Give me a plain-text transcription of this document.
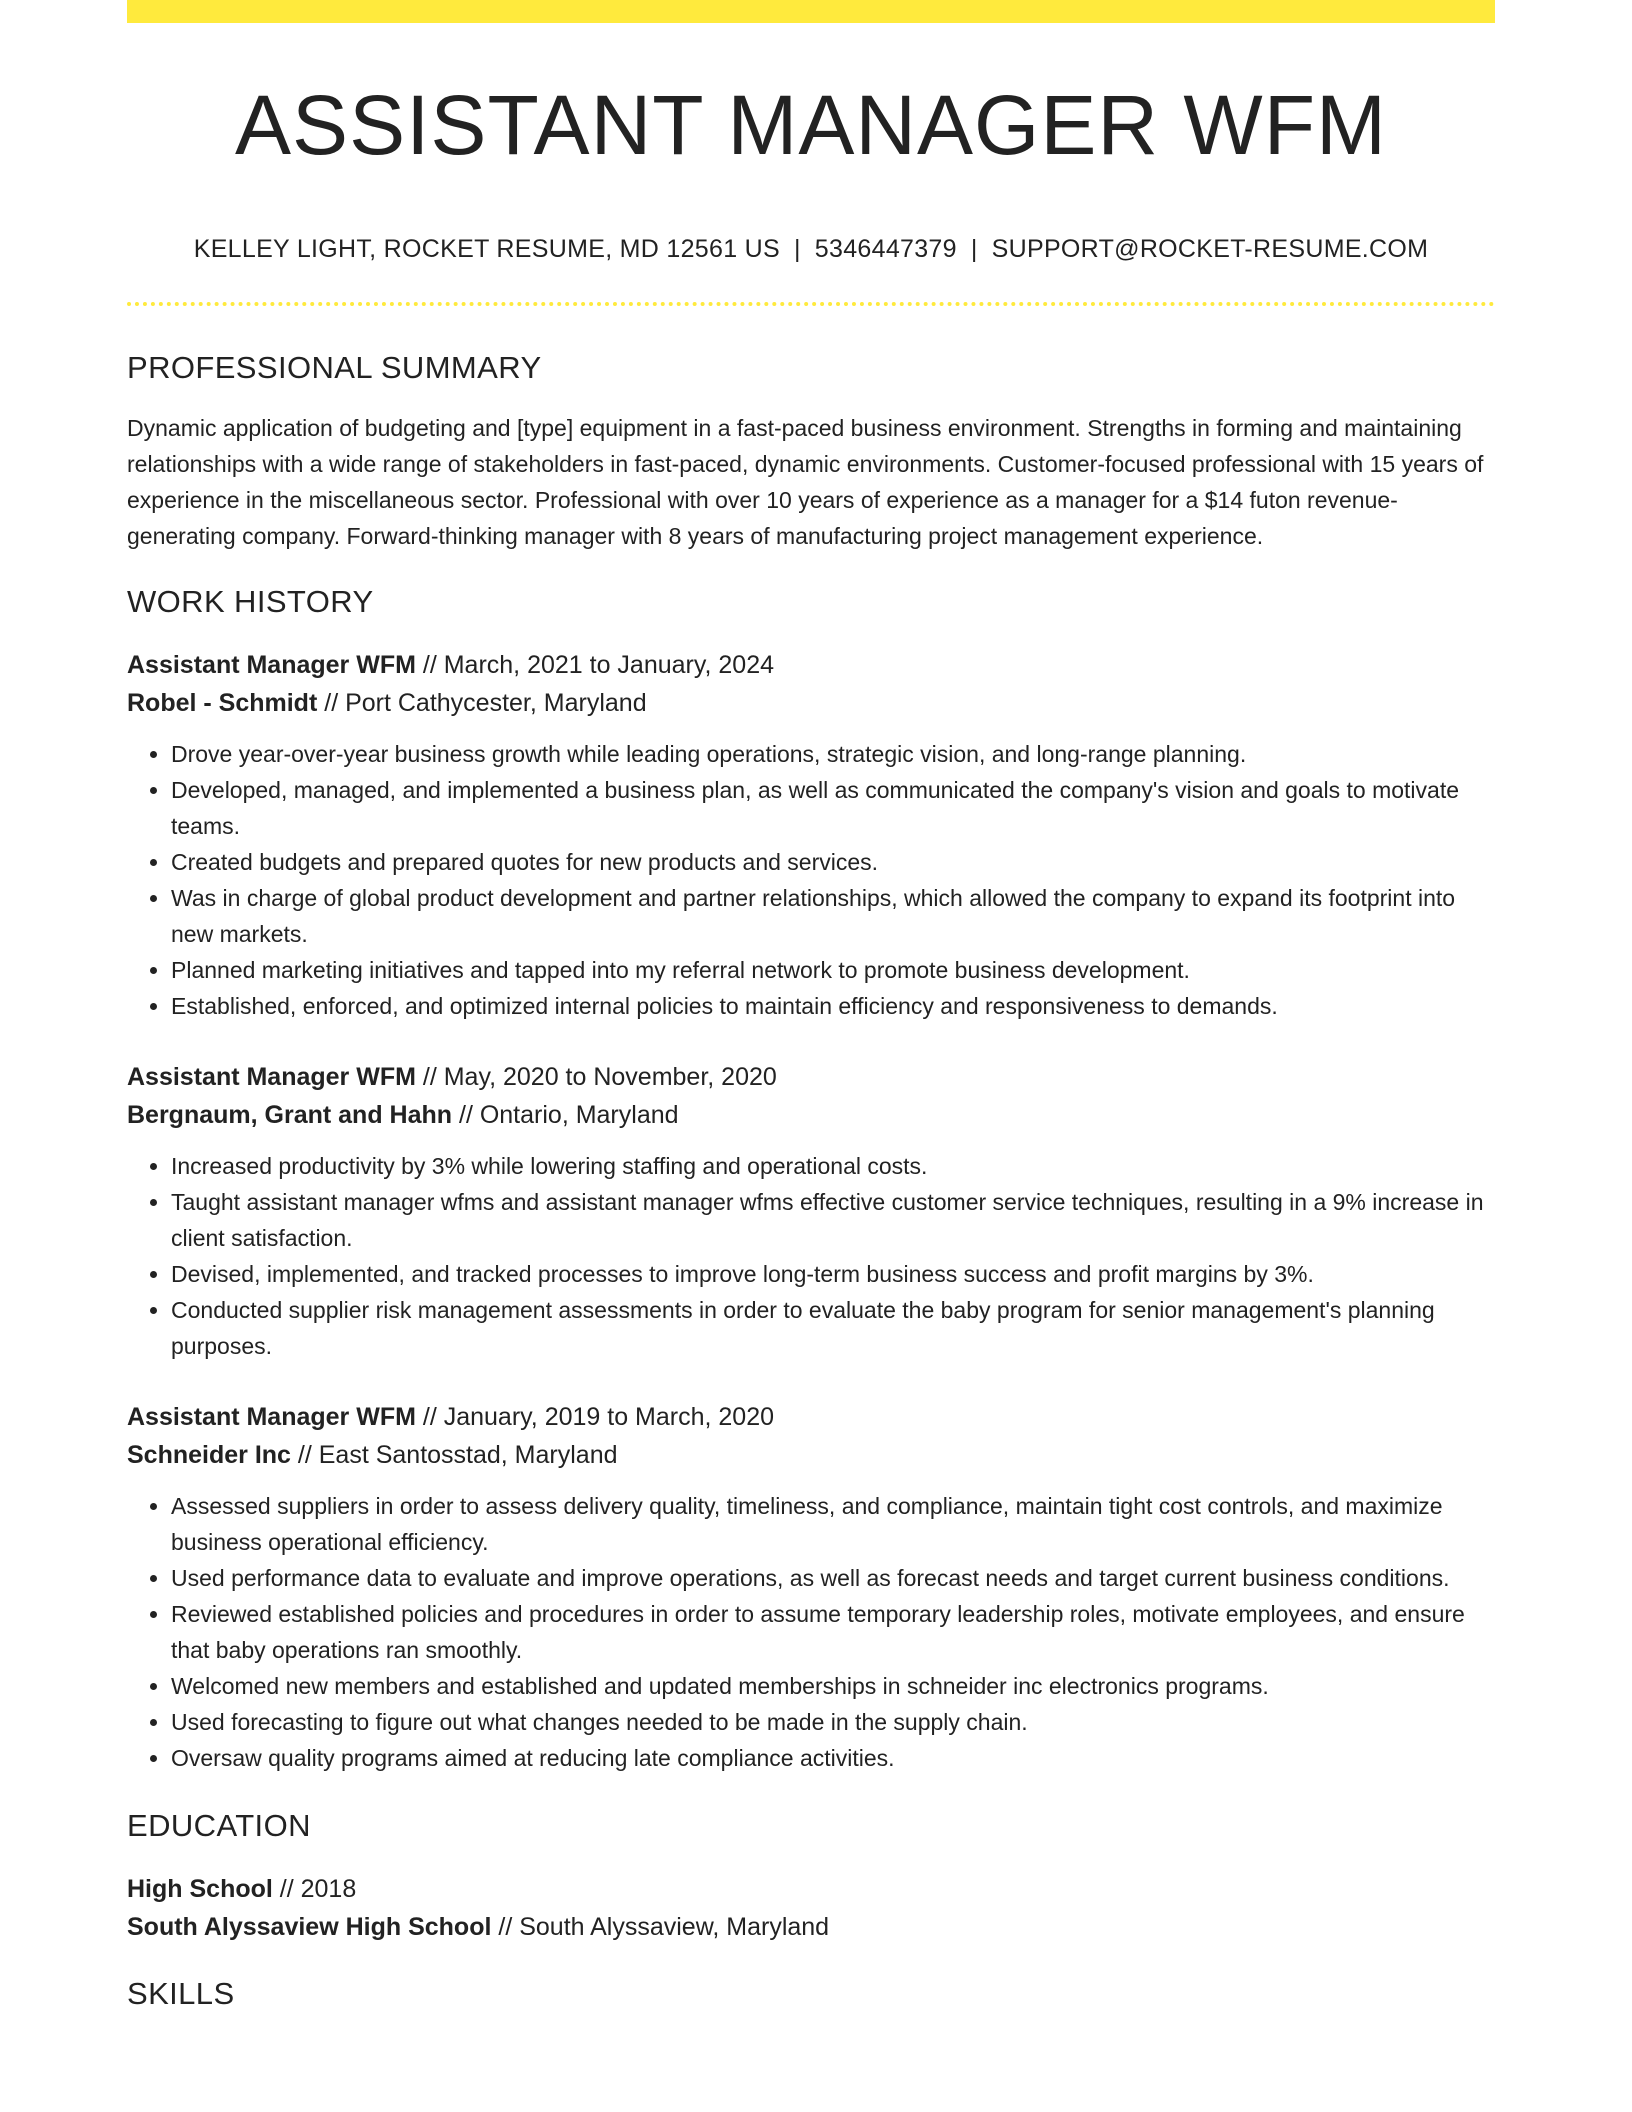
ASSISTANT MANAGER WFM
KELLEY LIGHT, ROCKET RESUME, MD 12561 US | 5346447379 | SUPPORT@ROCKET-RESUME.COM
PROFESSIONAL SUMMARY
Dynamic application of budgeting and [type] equipment in a fast-paced business environment. Strengths in forming and maintaining relationships with a wide range of stakeholders in fast-paced, dynamic environments. Customer-focused professional with 15 years of experience in the miscellaneous sector. Professional with over 10 years of experience as a manager for a $14 futon revenue-generating company. Forward-thinking manager with 8 years of manufacturing project management experience.
WORK HISTORY
Assistant Manager WFM // March, 2021 to January, 2024
Robel - Schmidt // Port Cathycester, Maryland
• Drove year-over-year business growth while leading operations, strategic vision, and long-range planning.
• Developed, managed, and implemented a business plan, as well as communicated the company's vision and goals to motivate teams.
• Created budgets and prepared quotes for new products and services.
• Was in charge of global product development and partner relationships, which allowed the company to expand its footprint into new markets.
• Planned marketing initiatives and tapped into my referral network to promote business development.
• Established, enforced, and optimized internal policies to maintain efficiency and responsiveness to demands.
Assistant Manager WFM // May, 2020 to November, 2020
Bergnaum, Grant and Hahn // Ontario, Maryland
• Increased productivity by 3% while lowering staffing and operational costs.
• Taught assistant manager wfms and assistant manager wfms effective customer service techniques, resulting in a 9% increase in client satisfaction.
• Devised, implemented, and tracked processes to improve long-term business success and profit margins by 3%.
• Conducted supplier risk management assessments in order to evaluate the baby program for senior management's planning purposes.
Assistant Manager WFM // January, 2019 to March, 2020
Schneider Inc // East Santosstad, Maryland
• Assessed suppliers in order to assess delivery quality, timeliness, and compliance, maintain tight cost controls, and maximize business operational efficiency.
• Used performance data to evaluate and improve operations, as well as forecast needs and target current business conditions.
• Reviewed established policies and procedures in order to assume temporary leadership roles, motivate employees, and ensure that baby operations ran smoothly.
• Welcomed new members and established and updated memberships in schneider inc electronics programs.
• Used forecasting to figure out what changes needed to be made in the supply chain.
• Oversaw quality programs aimed at reducing late compliance activities.
EDUCATION
High School // 2018
South Alyssaview High School // South Alyssaview, Maryland
SKILLS
